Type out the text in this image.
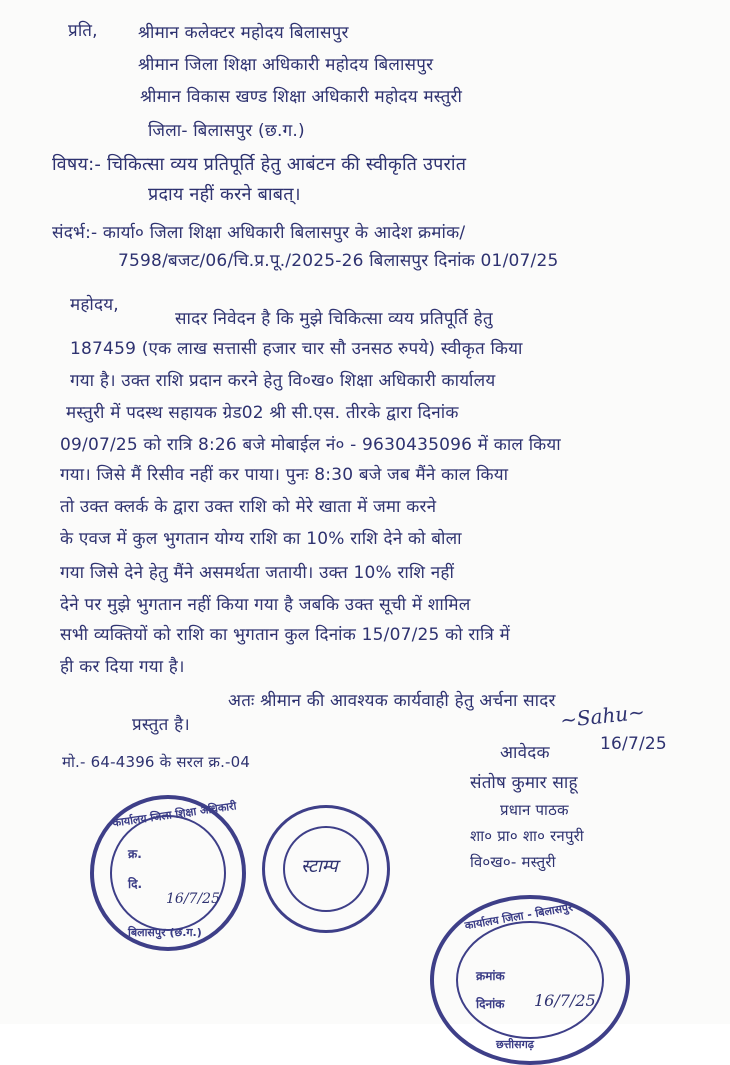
प्रति, श्रीमान कलेक्टर महोदय बिलासपुर
श्रीमान जिला शिक्षा अधिकारी महोदय बिलासपुर
श्रीमान विकास खण्ड शिक्षा अधिकारी महोदय मस्तुरी
जिला- बिलासपुर (छ.ग.)
विषय:- चिकित्सा व्यय प्रतिपूर्ति हेतु आबंटन की स्वीकृति उपरांत
प्रदाय नहीं करने बाबत्।
संदर्भ:- कार्या० जिला शिक्षा अधिकारी बिलासपुर के आदेश क्रमांक/
7598/बजट/06/चि.प्र.पू./2025-26 बिलासपुर दिनांक 01/07/25
महोदय,
सादर निवेदन है कि मुझे चिकित्सा व्यय प्रतिपूर्ति हेतु
187459 (एक लाख सत्तासी हजार चार सौ उनसठ रुपये) स्वीकृत किया
गया है। उक्त राशि प्रदान करने हेतु वि०ख० शिक्षा अधिकारी कार्यालय
मस्तुरी में पदस्थ सहायक ग्रेड02 श्री सी.एस. तीरके द्वारा दिनांक
09/07/25 को रात्रि 8:26 बजे मोबाईल नं० - 9630435096 में काल किया
गया। जिसे मैं रिसीव नहीं कर पाया। पुनः 8:30 बजे जब मैंने काल किया
तो उक्त क्लर्क के द्वारा उक्त राशि को मेरे खाता में जमा करने
के एवज में कुल भुगतान योग्य राशि का 10% राशि देने को बोला
गया जिसे देने हेतु मैंने असमर्थता जतायी। उक्त 10% राशि नहीं
देने पर मुझे भुगतान नहीं किया गया है जबकि उक्त सूची में शामिल
सभी व्यक्तियों को राशि का भुगतान कुल दिनांक 15/07/25 को रात्रि में
ही कर दिया गया है।
अतः श्रीमान की आवश्यक कार्यवाही हेतु अर्चना सादर
प्रस्तुत है।
मो.- 64-4396 के सरल क्र.-04
~Sahu~
आवेदक	16/7/25
संतोष कुमार साहू
प्रधान पाठक
शा० प्रा० शा० रनपुरी
वि०ख०- मस्तुरी
कार्यालय जिला शिक्षा अधिकारी
क्र.
दि.
16/7/25
बिलासपुर (छ.ग.)
स्टाम्प
कार्यालय जिला - बिलासपुर
क्रमांक
दिनांक 16/7/25
छत्तीसगढ़
